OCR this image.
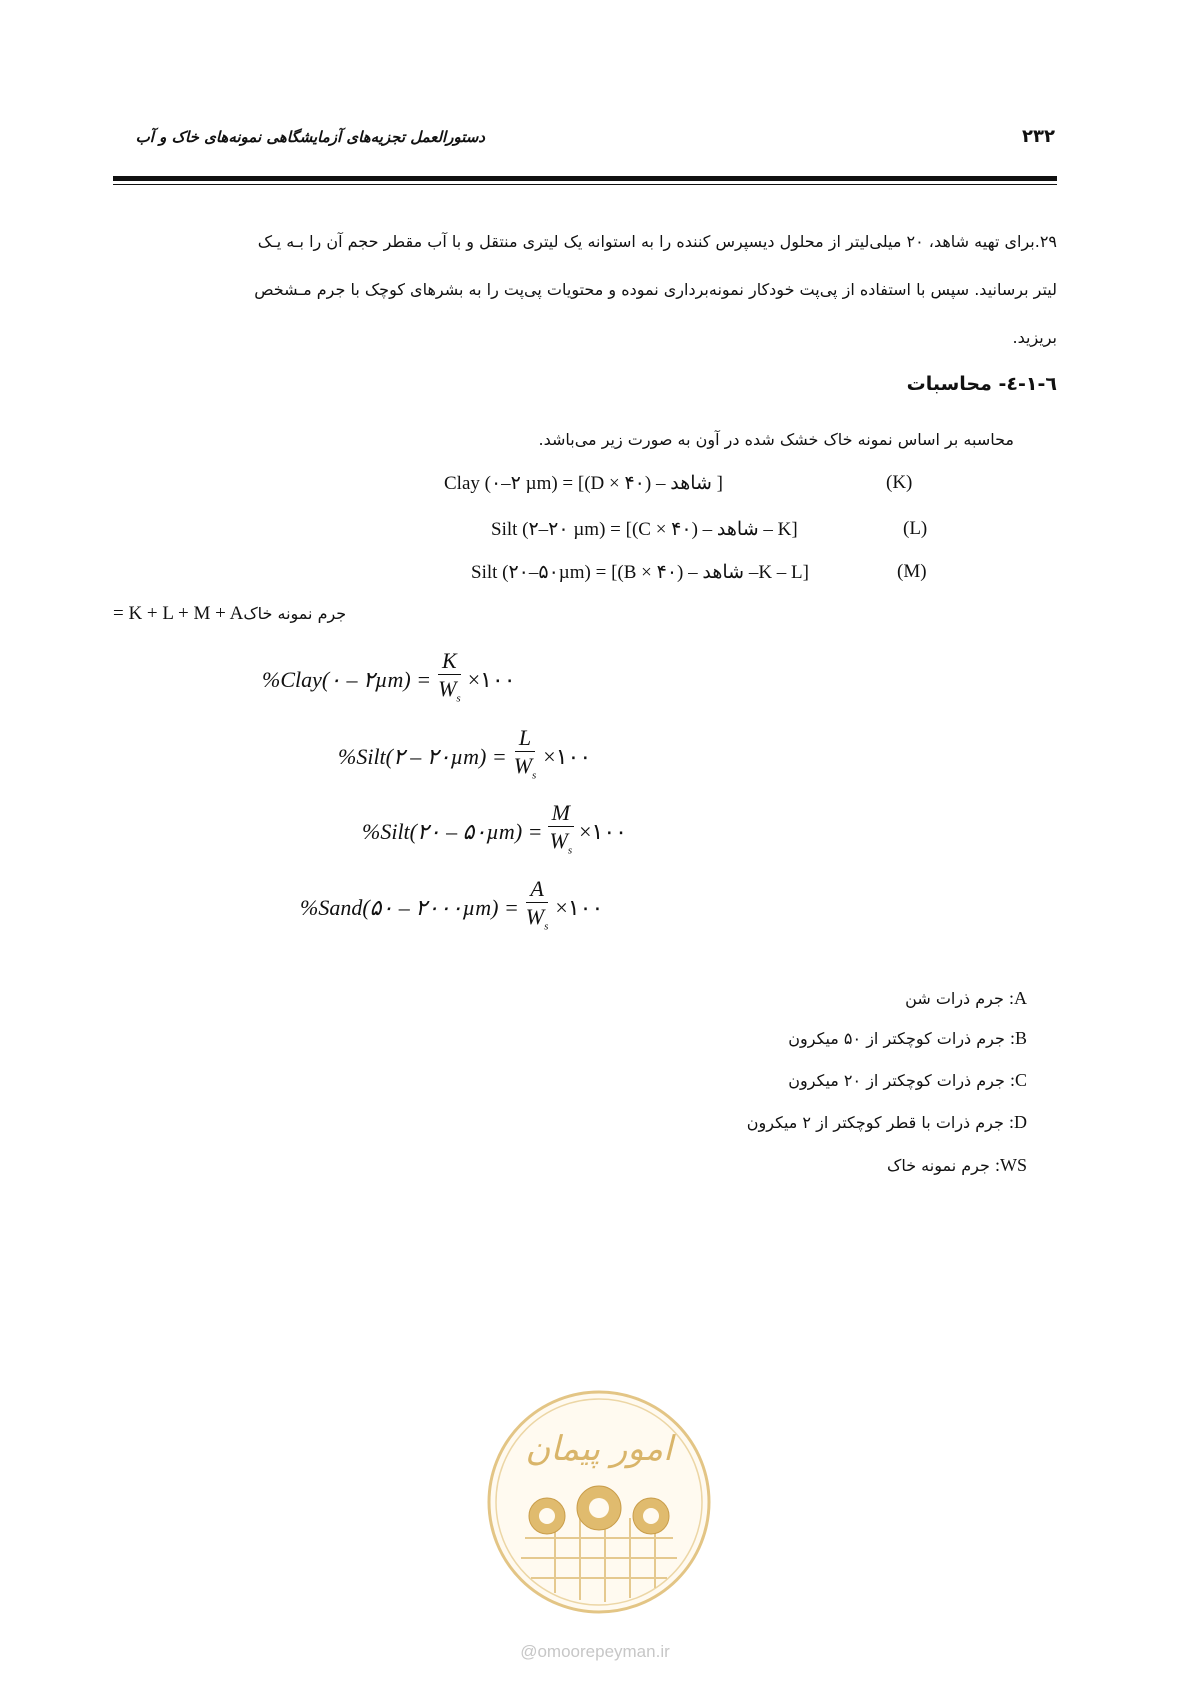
دستورالعمل تجزیه‌های آزمایشگاهی نمونه‌های خاک و آب	۲۳۲
۲۹.برای تهیه شاهد، ۲۰ میلی‌لیتر از محلول دیسپرس کننده را به استوانه یک لیتری منتقل و با آب مقطر حجم آن را بـه یـک
لیتر برسانید. سپس با استفاده از پی‌پت خودکار نمونه‌برداری نموده و محتویات پی‌پت را به بشرهای کوچک با جرم مـشخص
بریزید.
٦-١-٤- محاسبات
محاسبه بر اساس نمونه خاک خشک شده در آون به صورت زیر می‌باشد.
Clay (۰–۲ µm) = [(D × ۴۰) – شاهد ]	(K)
Silt (۲–۲۰ µm) = [(C × ۴۰) – شاهد – K]	(L)
Silt (۲۰–۵۰µm) = [(B × ۴۰) – شاهد –K – L]	(M)
جرم نمونه خاک= K + L + M + A
%Clay(۰ – ۲µm) = $\frac{K}{W_s}$ ×۱۰۰
%Silt(۲ – ۲۰µm) = $\frac{L}{W_s}$ ×۱۰۰
%Silt(۲۰ – ۵۰µm) = $\frac{M}{W_s}$ ×۱۰۰
%Sand(۵۰ – ۲۰۰۰µm) = $\frac{A}{W_s}$ ×۱۰۰
A: جرم ذرات شن
B: جرم ذرات کوچکتر از ۵۰ میکرون
C: جرم ذرات کوچکتر از ۲۰ میکرون
D: جرم ذرات با قطر کوچکتر از ۲ میکرون
WS: جرم نمونه خاک
امور پیمان
@omoorepeyman.ir
